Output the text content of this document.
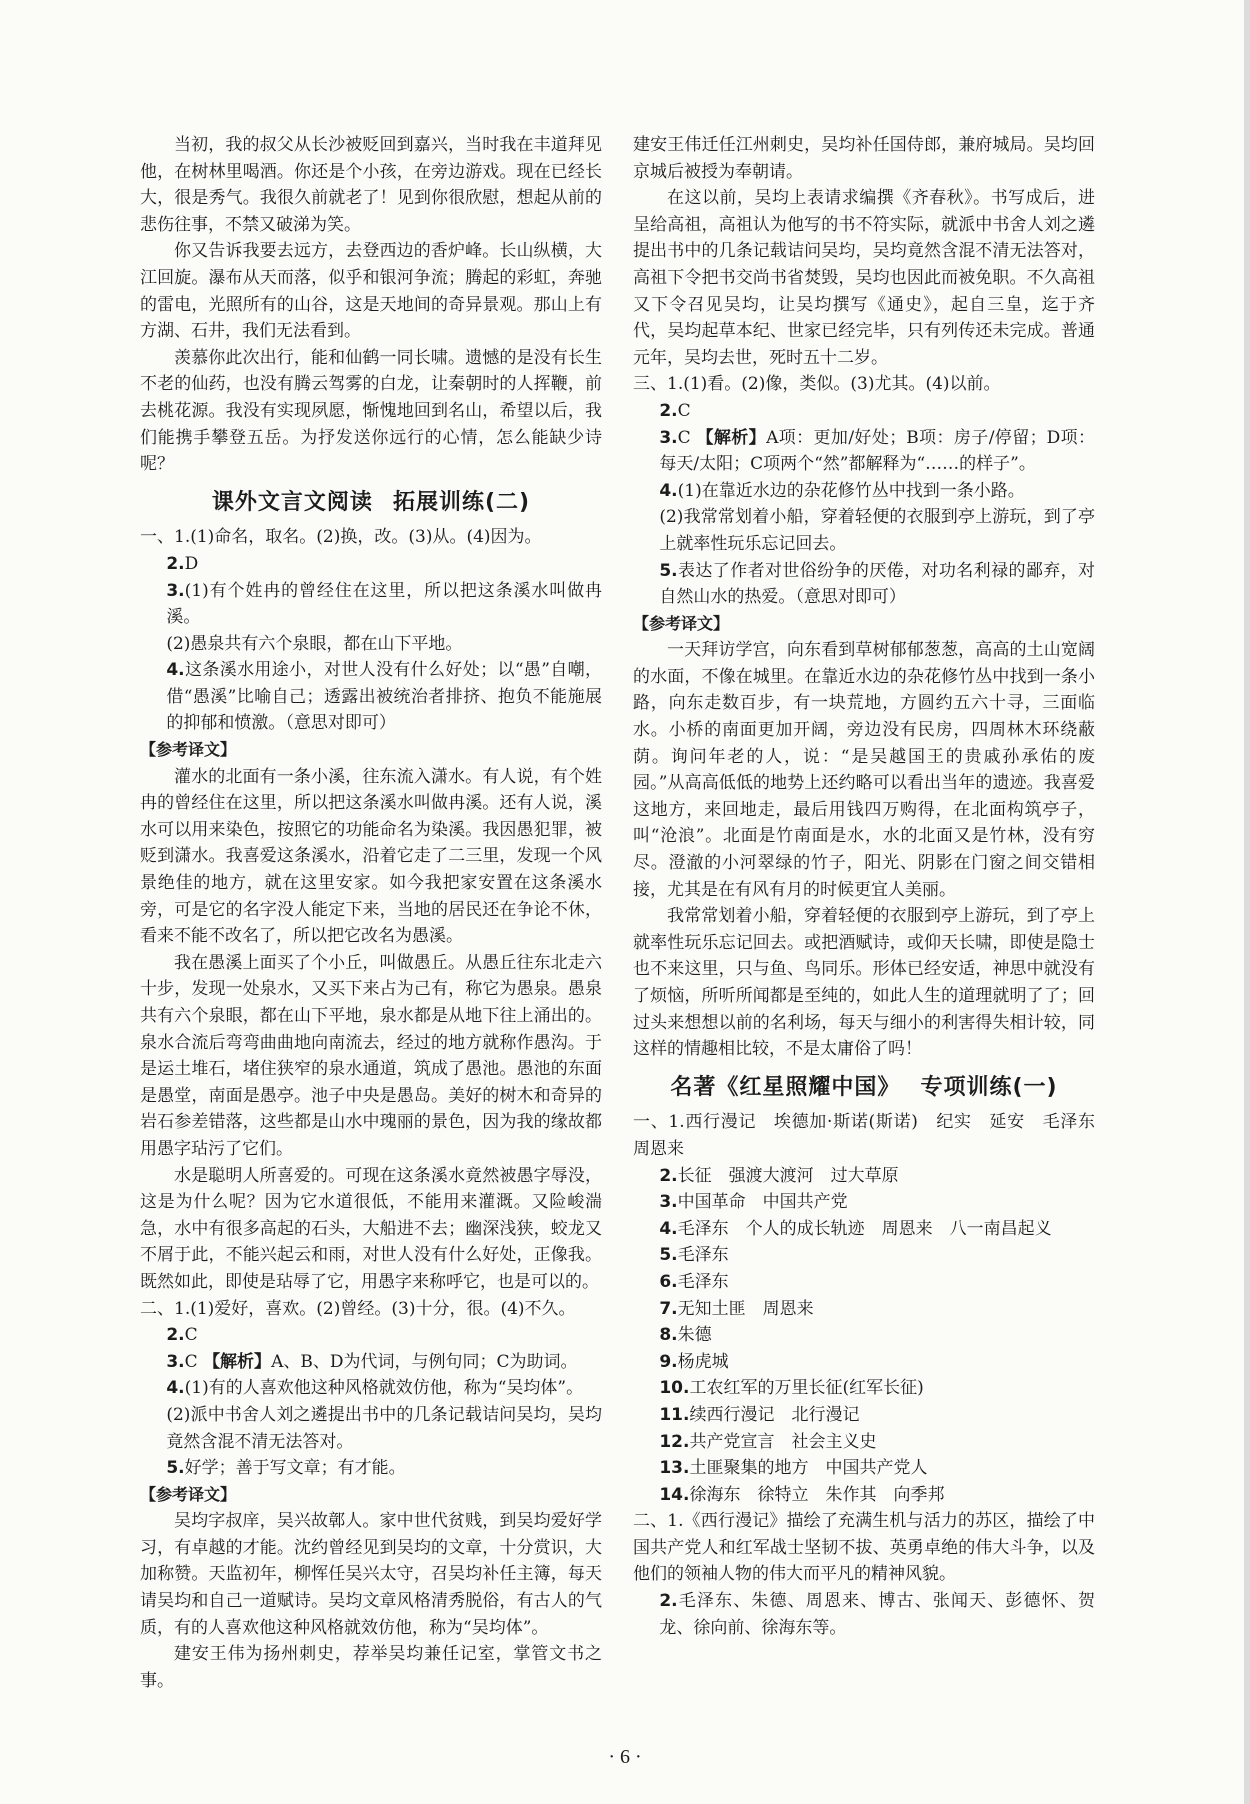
当初，我的叔父从长沙被贬回到嘉兴，当时我在丰道拜见他，在树林里喝酒。你还是个小孩，在旁边游戏。现在已经长大，很是秀气。我很久前就老了！见到你很欣慰，想起从前的悲伤往事，不禁又破涕为笑。

你又告诉我要去远方，去登西边的香炉峰。长山纵横，大江回旋。瀑布从天而落，似乎和银河争流；腾起的彩虹，奔驰的雷电，光照所有的山谷，这是天地间的奇异景观。那山上有方湖、石井，我们无法看到。

羡慕你此次出行，能和仙鹤一同长啸。遗憾的是没有长生不老的仙药，也没有腾云驾雾的白龙，让秦朝时的人挥鞭，前去桃花源。我没有实现夙愿，惭愧地回到名山，希望以后，我们能携手攀登五岳。为抒发送你远行的心情，怎么能缺少诗呢？

课外文言文阅读 拓展训练(二)

一、1.(1)命名，取名。(2)换，改。(3)从。(4)因为。

2.D

3.(1)有个姓冉的曾经住在这里，所以把这条溪水叫做冉溪。

(2)愚泉共有六个泉眼，都在山下平地。

4.这条溪水用途小，对世人没有什么好处；以“愚”自嘲，借“愚溪”比喻自己；透露出被统治者排挤、抱负不能施展的抑郁和愤激。（意思对即可）

【参考译文】

灌水的北面有一条小溪，往东流入潇水。有人说，有个姓冉的曾经住在这里，所以把这条溪水叫做冉溪。还有人说，溪水可以用来染色，按照它的功能命名为染溪。我因愚犯罪，被贬到潇水。我喜爱这条溪水，沿着它走了二三里，发现一个风景绝佳的地方，就在这里安家。如今我把家安置在这条溪水旁，可是它的名字没人能定下来，当地的居民还在争论不休，看来不能不改名了，所以把它改名为愚溪。

我在愚溪上面买了个小丘，叫做愚丘。从愚丘往东北走六十步，发现一处泉水，又买下来占为己有，称它为愚泉。愚泉共有六个泉眼，都在山下平地，泉水都是从地下往上涌出的。泉水合流后弯弯曲曲地向南流去，经过的地方就称作愚沟。于是运土堆石，堵住狭窄的泉水通道，筑成了愚池。愚池的东面是愚堂，南面是愚亭。池子中央是愚岛。美好的树木和奇异的岩石参差错落，这些都是山水中瑰丽的景色，因为我的缘故都用愚字玷污了它们。

水是聪明人所喜爱的。可现在这条溪水竟然被愚字辱没，这是为什么呢？因为它水道很低，不能用来灌溉。又险峻湍急，水中有很多高起的石头，大船进不去；幽深浅狭，蛟龙又不屑于此，不能兴起云和雨，对世人没有什么好处，正像我。既然如此，即使是玷辱了它，用愚字来称呼它，也是可以的。

二、1.(1)爱好，喜欢。(2)曾经。(3)十分，很。(4)不久。

2.C

3.C 【解析】A、B、D为代词，与例句同；C为助词。

4.(1)有的人喜欢他这种风格就效仿他，称为“吴均体”。

(2)派中书舍人刘之遴提出书中的几条记载诘问吴均，吴均竟然含混不清无法答对。

5.好学；善于写文章；有才能。

【参考译文】

吴均字叔庠，吴兴故鄣人。家中世代贫贱，到吴均爱好学习，有卓越的才能。沈约曾经见到吴均的文章，十分赏识，大加称赞。天监初年，柳恽任吴兴太守，召吴均补任主簿，每天请吴均和自己一道赋诗。吴均文章风格清秀脱俗，有古人的气质，有的人喜欢他这种风格就效仿他，称为“吴均体”。

建安王伟为扬州刺史，荐举吴均兼任记室，掌管文书之事。

建安王伟迁任江州刺史，吴均补任国侍郎，兼府城局。吴均回京城后被授为奉朝请。

在这以前，吴均上表请求编撰《齐春秋》。书写成后，进呈给高祖，高祖认为他写的书不符实际，就派中书舍人刘之遴提出书中的几条记载诘问吴均，吴均竟然含混不清无法答对，高祖下令把书交尚书省焚毁，吴均也因此而被免职。不久高祖又下令召见吴均，让吴均撰写《通史》，起自三皇，迄于齐代，吴均起草本纪、世家已经完毕，只有列传还未完成。普通元年，吴均去世，死时五十二岁。

三、1.(1)看。(2)像，类似。(3)尤其。(4)以前。

2.C

3.C 【解析】A项：更加/好处；B项：房子/停留；D项：每天/太阳；C项两个“然”都解释为“……的样子”。

4.(1)在靠近水边的杂花修竹丛中找到一条小路。

(2)我常常划着小船，穿着轻便的衣服到亭上游玩，到了亭上就率性玩乐忘记回去。

5.表达了作者对世俗纷争的厌倦，对功名利禄的鄙弃，对自然山水的热爱。（意思对即可）

【参考译文】

一天拜访学宫，向东看到草树郁郁葱葱，高高的土山宽阔的水面，不像在城里。在靠近水边的杂花修竹丛中找到一条小路，向东走数百步，有一块荒地，方圆约五六十寻，三面临水。小桥的南面更加开阔，旁边没有民房，四周林木环绕蔽荫。询问年老的人，说：“是吴越国王的贵戚孙承佑的废园。”从高高低低的地势上还约略可以看出当年的遗迹。我喜爱这地方，来回地走，最后用钱四万购得，在北面构筑亭子，叫“沧浪”。北面是竹南面是水，水的北面又是竹林，没有穷尽。澄澈的小河翠绿的竹子，阳光、阴影在门窗之间交错相接，尤其是在有风有月的时候更宜人美丽。

我常常划着小船，穿着轻便的衣服到亭上游玩，到了亭上就率性玩乐忘记回去。或把酒赋诗，或仰天长啸，即使是隐士也不来这里，只与鱼、鸟同乐。形体已经安适，神思中就没有了烦恼，所听所闻都是至纯的，如此人生的道理就明了了；回过头来想想以前的名利场，每天与细小的利害得失相计较，同这样的情趣相比较，不是太庸俗了吗！

名著《红星照耀中国》 专项训练(一)

一、1.西行漫记　埃德加·斯诺(斯诺)　纪实　延安　毛泽东　周恩来

2.长征　强渡大渡河　过大草原

3.中国革命　中国共产党

4.毛泽东　个人的成长轨迹　周恩来　八一南昌起义

5.毛泽东

6.毛泽东

7.无知土匪　周恩来

8.朱德

9.杨虎城

10.工农红军的万里长征(红军长征)

11.续西行漫记　北行漫记

12.共产党宣言　社会主义史

13.土匪聚集的地方　中国共产党人

14.徐海东　徐特立　朱作其　向季邦

二、1.《西行漫记》描绘了充满生机与活力的苏区，描绘了中国共产党人和红军战士坚韧不拔、英勇卓绝的伟大斗争，以及他们的领袖人物的伟大而平凡的精神风貌。

2.毛泽东、朱德、周恩来、博古、张闻天、彭德怀、贺龙、徐向前、徐海东等。

· 6 ·
